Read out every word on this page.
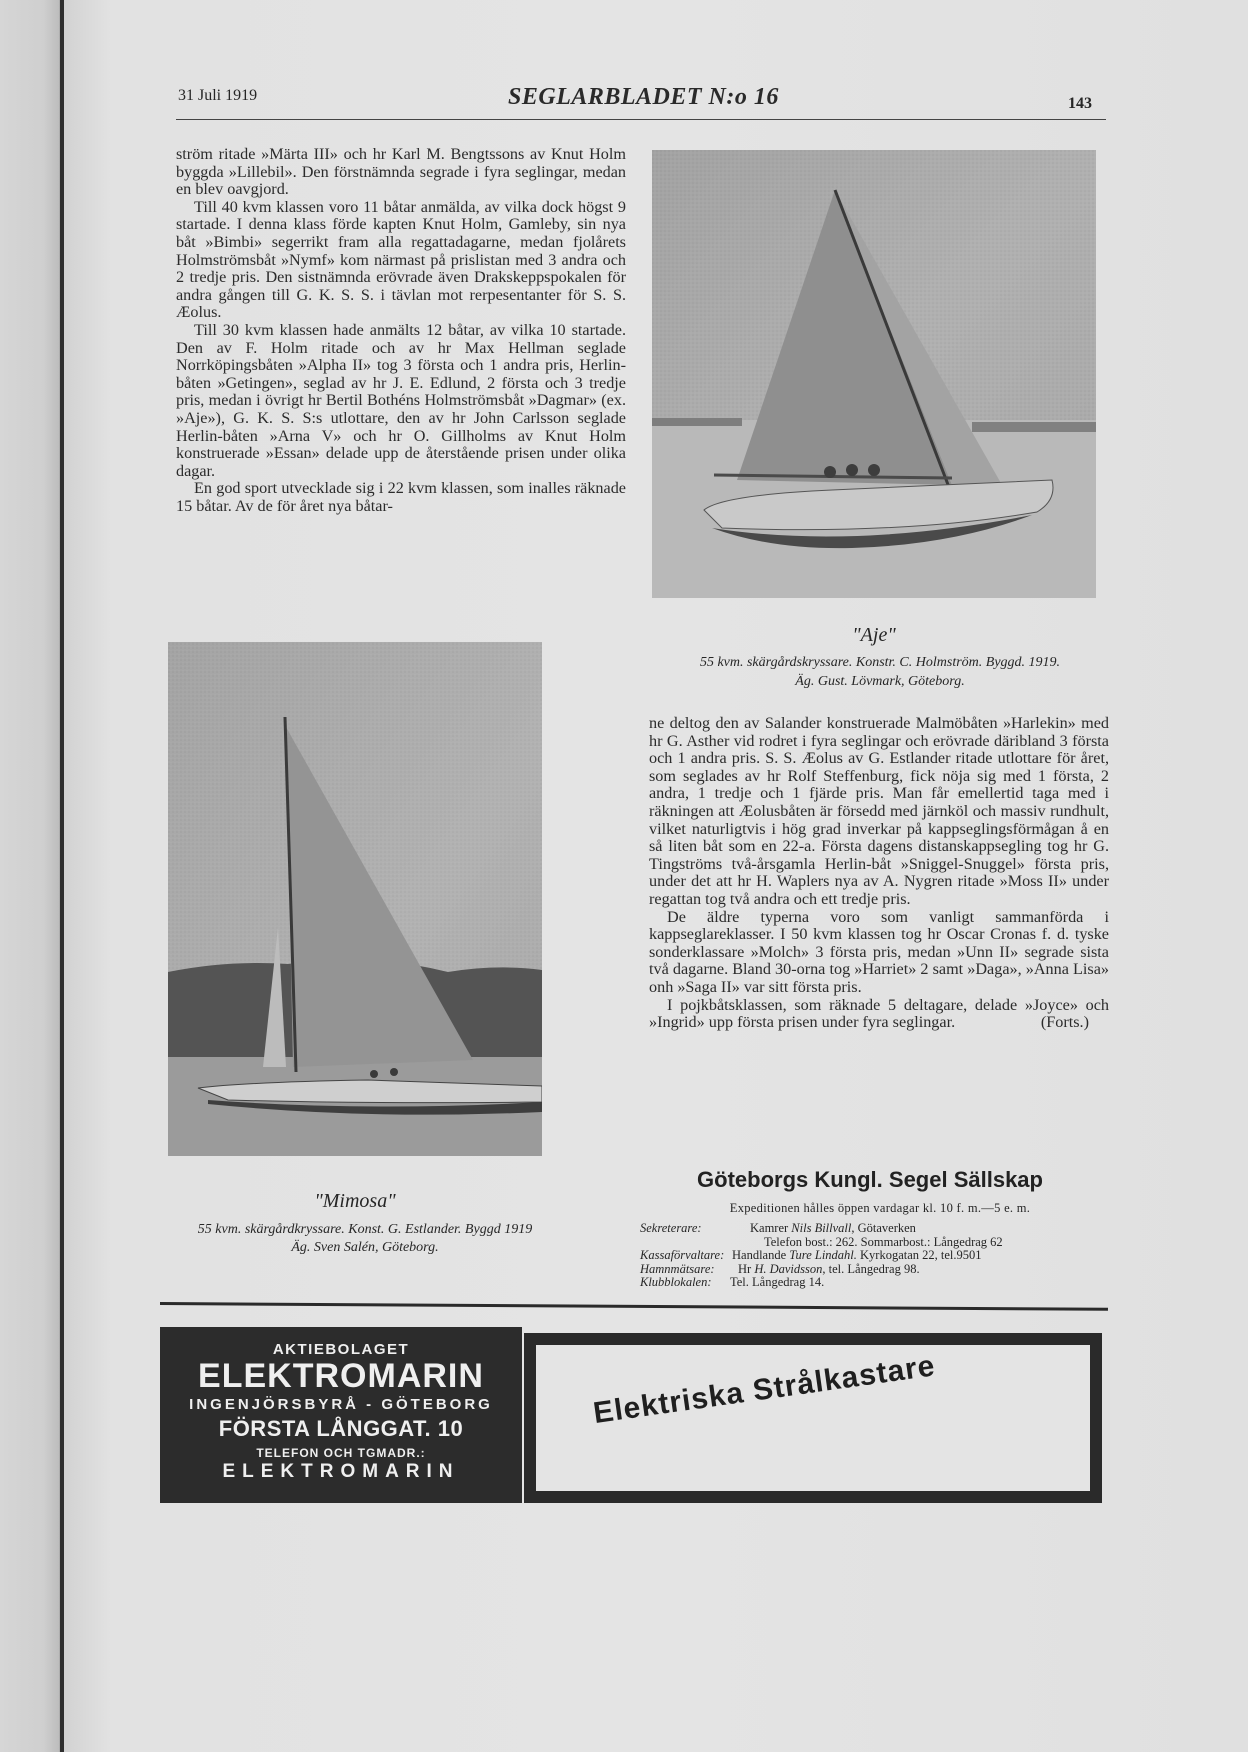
31 Juli 1919	SEGLARBLADET N:o 16	143

ström ritade »Märta III» och hr Karl M. Bengtssons av Knut Holm byggda »Lillebil». Den förstnämnda segrade i fyra seglingar, medan en blev oavgjord.

Till 40 kvm klassen voro 11 båtar anmälda, av vilka dock högst 9 startade. I denna klass förde kapten Knut Holm, Gamleby, sin nya båt »Bimbi» segerrikt fram alla regattadagarne, medan fjolårets Holmströmsbåt »Nymf» kom närmast på prislistan med 3 andra och 2 tredje pris. Den sistnämnda erövrade även Drakskeppspokalen för andra gången till G. K. S. S. i tävlan mot rerpesentanter för S. S. Æolus.

Till 30 kvm klassen hade anmälts 12 båtar, av vilka 10 startade. Den av F. Holm ritade och av hr Max Hellman seglade Norrköpingsbåten »Alpha II» tog 3 första och 1 andra pris, Herlin-båten »Getingen», seglad av hr J. E. Edlund, 2 första och 3 tredje pris, medan i övrigt hr Bertil Bothéns Holmströmsbåt »Dagmar» (ex. »Aje»), G. K. S. S:s utlottare, den av hr John Carlsson seglade Herlin-båten »Arna V» och hr O. Gillholms av Knut Holm konstruerade »Essan» delade upp de återstående prisen under olika dagar.

En god sport utvecklade sig i 22 kvm klassen, som inalles räknade 15 båtar. Av de för året nya båtar-

"Aje"
55 kvm. skärgårdskryssare. Konstr. C. Holmström. Byggd. 1919.
Äg. Gust. Lövmark, Göteborg.
"Mimosa"
55 kvm. skärgårdkryssare. Konst. G. Estlander. Byggd 1919
Äg. Sven Salén, Göteborg.

ne deltog den av Salander konstruerade Malmöbåten »Harlekin» med hr G. Asther vid rodret i fyra seglingar och erövrade däribland 3 första och 1 andra pris. S. S. Æolus av G. Estlander ritade utlottare för året, som seglades av hr Rolf Steffenburg, fick nöja sig med 1 första, 2 andra, 1 tredje och 1 fjärde pris. Man får emellertid taga med i räkningen att Æolusbåten är försedd med järnköl och massiv rundhult, vilket naturligtvis i hög grad inverkar på kappseglingsförmågan å en så liten båt som en 22-a. Första dagens distanskappsegling tog hr G. Tingströms två-årsgamla Herlin-båt »Sniggel-Snuggel» första pris, under det att hr H. Waplers nya av A. Nygren ritade »Moss II» under regattan tog två andra och ett tredje pris.

De äldre typerna voro som vanligt sammanförda i kappseglareklasser. I 50 kvm klassen tog hr Oscar Cronas f. d. tyske sonderklassare »Molch» 3 första pris, medan »Unn II» segrade sista två dagarne. Bland 30-orna tog »Harriet» 2 samt »Daga», »Anna Lisa» onh »Saga II» var sitt första pris.

I pojkbåtsklassen, som räknade 5 deltagare, delade »Joyce» och »Ingrid» upp första prisen under fyra seglingar.	(Forts.)
Göteborgs Kungl. Segel Sällskap
Expeditionen hålles öppen vardagar kl. 10 f. m.—5 e. m.
Sekreterare:	Kamrer Nils Billvall, Götaverken
Telefon bost.: 262. Sommarbost.: Långedrag 62
Kassaförvaltare: Handlande Ture Lindahl. Kyrkogatan 22, tel.9501
Hamnmätsare: Hr H. Davidsson, tel. Långedrag 98.
Klubblokalen: Tel. Långedrag 14.
AKTIEBOLAGET
ELEKTROMARIN
INGENJÖRSBYRÅ - GÖTEBORG
FÖRSTA LÅNGGAT. 10
TELEFON OCH TGMADR.:
ELEKTROMARIN
Elektriska Strålkastare
